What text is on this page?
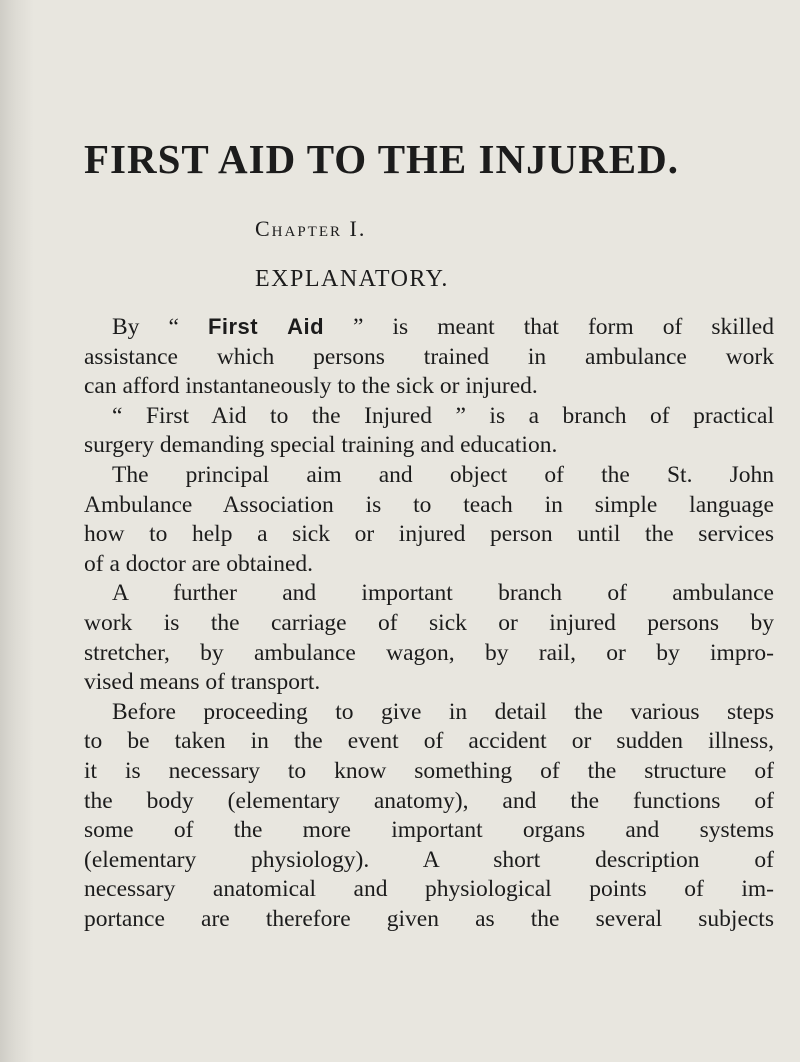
FIRST AID TO THE INJURED.
Chapter I.
EXPLANATORY.
By “ First Aid ” is meant that form of skilled
assistance which persons trained in ambulance work
can afford instantaneously to the sick or injured.
“ First Aid to the Injured ” is a branch of practical
surgery demanding special training and education.
The principal aim and object of the St. John
Ambulance Association is to teach in simple language
how to help a sick or injured person until the services
of a doctor are obtained.
A further and important branch of ambulance
work is the carriage of sick or injured persons by
stretcher, by ambulance wagon, by rail, or by impro-
vised means of transport.
Before proceeding to give in detail the various steps
to be taken in the event of accident or sudden illness,
it is necessary to know something of the structure of
the body (elementary anatomy), and the functions of
some of the more important organs and systems
(elementary physiology). A short description of
necessary anatomical and physiological points of im-
portance are therefore given as the several subjects
